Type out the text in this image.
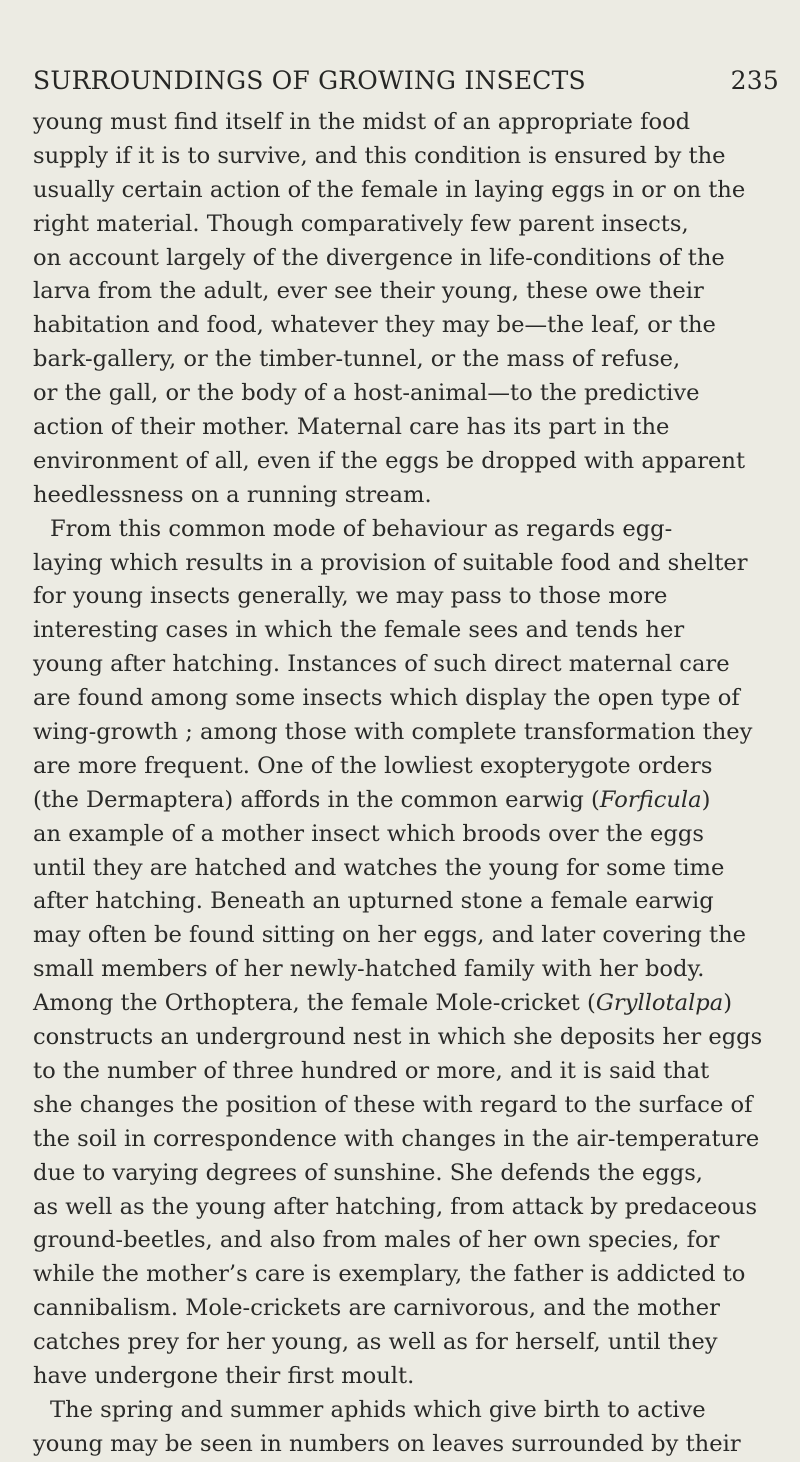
SURROUNDINGS OF GROWING INSECTS	235
young must find itself in the midst of an appropriate food
supply if it is to survive, and this condition is ensured by the
usually certain action of the female in laying eggs in or on the
right material. Though comparatively few parent insects,
on account largely of the divergence in life-conditions of the
larva from the adult, ever see their young, these owe their
habitation and food, whatever they may be—the leaf, or the
bark-gallery, or the timber-tunnel, or the mass of refuse,
or the gall, or the body of a host-animal—to the predictive
action of their mother. Maternal care has its part in the
environment of all, even if the eggs be dropped with apparent
heedlessness on a running stream.
From this common mode of behaviour as regards egg-
laying which results in a provision of suitable food and shelter
for young insects generally, we may pass to those more
interesting cases in which the female sees and tends her
young after hatching. Instances of such direct maternal care
are found among some insects which display the open type of
wing-growth ; among those with complete transformation they
are more frequent. One of the lowliest exopterygote orders
(the Dermaptera) affords in the common earwig (Forficula)
an example of a mother insect which broods over the eggs
until they are hatched and watches the young for some time
after hatching. Beneath an upturned stone a female earwig
may often be found sitting on her eggs, and later covering the
small members of her newly-hatched family with her body.
Among the Orthoptera, the female Mole-cricket (Gryllotalpa)
constructs an underground nest in which she deposits her eggs
to the number of three hundred or more, and it is said that
she changes the position of these with regard to the surface of
the soil in correspondence with changes in the air-temperature
due to varying degrees of sunshine. She defends the eggs,
as well as the young after hatching, from attack by predaceous
ground-beetles, and also from males of her own species, for
while the mother’s care is exemplary, the father is addicted to
cannibalism. Mole-crickets are carnivorous, and the mother
catches prey for her young, as well as for herself, until they
have undergone their first moult.
The spring and summer aphids which give birth to active
young may be seen in numbers on leaves surrounded by their
